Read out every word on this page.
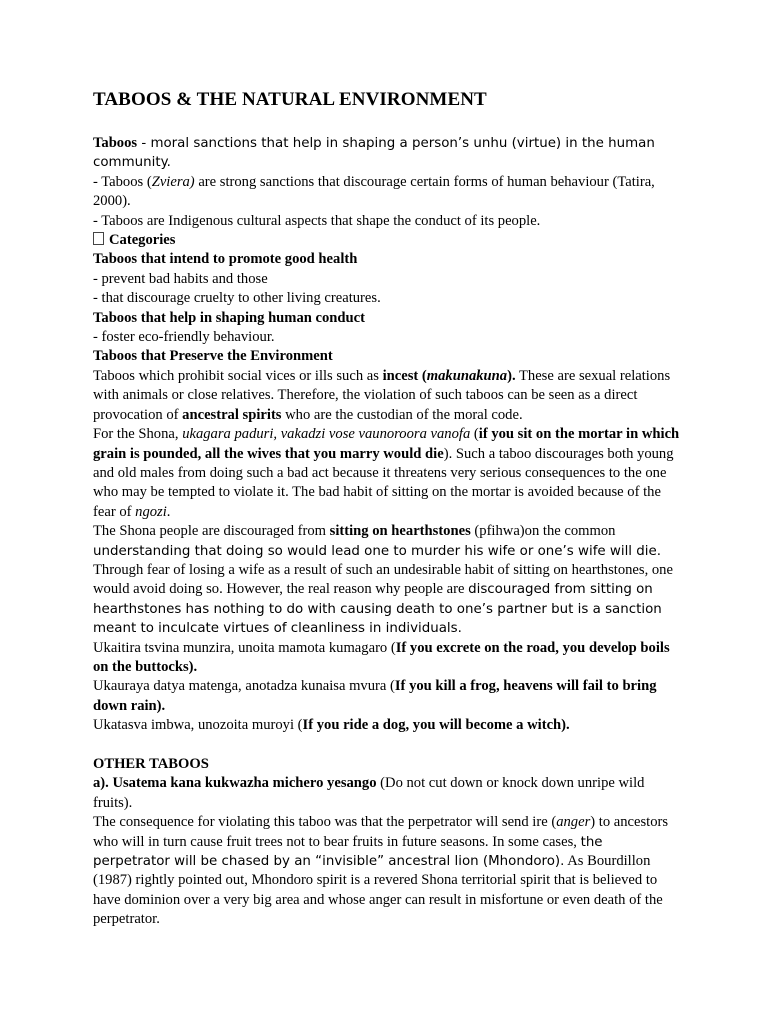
TABOOS & THE NATURAL ENVIRONMENT

Taboos - moral sanctions that help in shaping a person’s unhu (virtue) in the human community.

- Taboos (Zviera) are strong sanctions that discourage certain forms of human behaviour (Tatira, 2000).

- Taboos are Indigenous cultural aspects that shape the conduct of its people.

Categories

Taboos that intend to promote good health

- prevent bad habits and those

- that discourage cruelty to other living creatures.

Taboos that help in shaping human conduct

- foster eco-friendly behaviour.

Taboos that Preserve the Environment

Taboos which prohibit social vices or ills such as incest (makunakuna). These are sexual relations with animals or close relatives. Therefore, the violation of such taboos can be seen as a direct provocation of ancestral spirits who are the custodian of the moral code.

For the Shona, ukagara paduri, vakadzi vose vaunoroora vanofa (if you sit on the mortar in which grain is pounded, all the wives that you marry would die). Such a taboo discourages both young and old males from doing such a bad act because it threatens very serious consequences to the one who may be tempted to violate it. The bad habit of sitting on the mortar is avoided because of the fear of ngozi.

The Shona people are discouraged from sitting on hearthstones (pfihwa)on the common understanding that doing so would lead one to murder his wife or one’s wife will die. Through fear of losing a wife as a result of such an undesirable habit of sitting on hearthstones, one would avoid doing so. However, the real reason why people are discouraged from sitting on hearthstones has nothing to do with causing death to one’s partner but is a sanction meant to inculcate virtues of cleanliness in individuals.

Ukaitira tsvina munzira, unoita mamota kumagaro (If you excrete on the road, you develop boils on the buttocks).

Ukauraya datya matenga, anotadza kunaisa mvura (If you kill a frog, heavens will fail to bring down rain).

Ukatasva imbwa, unozoita muroyi (If you ride a dog, you will become a witch).

OTHER TABOOS

a). Usatema kana kukwazha michero yesango (Do not cut down or knock down unripe wild fruits).

The consequence for violating this taboo was that the perpetrator will send ire (anger) to ancestors who will in turn cause fruit trees not to bear fruits in future seasons. In some cases, the perpetrator will be chased by an “invisible” ancestral lion (Mhondoro). As Bourdillon (1987) rightly pointed out, Mhondoro spirit is a revered Shona territorial spirit that is believed to have dominion over a very big area and whose anger can result in misfortune or even death of the perpetrator.
